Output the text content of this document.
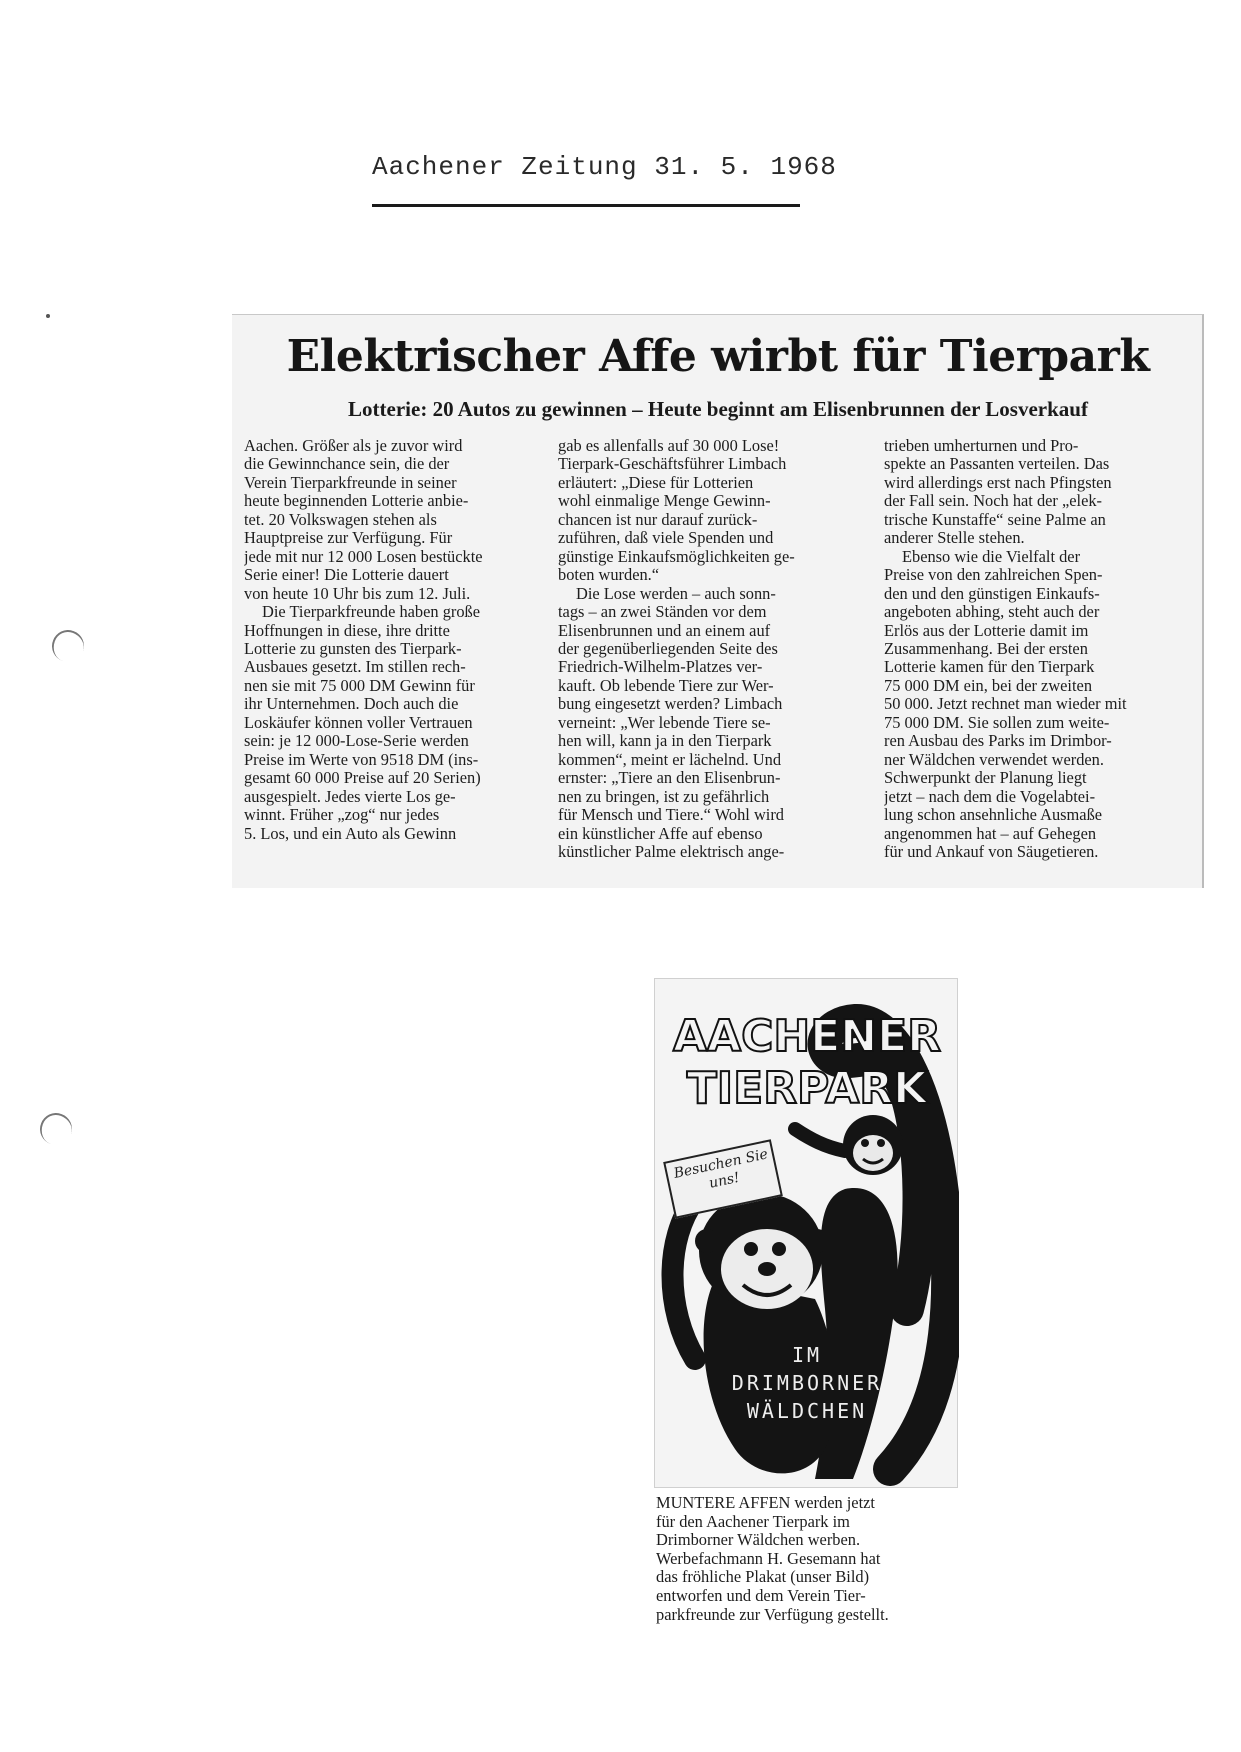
Aachener Zeitung 31. 5. 1968
Elektrischer Affe wirbt für Tierpark
Lotterie: 20 Autos zu gewinnen – Heute beginnt am Elisenbrunnen der Losverkauf
Aachen. Größer als je zuvor wird
die Gewinnchance sein, die der
Verein Tierparkfreunde in seiner
heute beginnenden Lotterie anbie-
tet. 20 Volkswagen stehen als
Hauptpreise zur Verfügung. Für
jede mit nur 12 000 Losen bestückte
Serie einer! Die Lotterie dauert
von heute 10 Uhr bis zum 12. Juli.
Die Tierparkfreunde haben große
Hoffnungen in diese, ihre dritte
Lotterie zu gunsten des Tierpark-
Ausbaues gesetzt. Im stillen rech-
nen sie mit 75 000 DM Gewinn für
ihr Unternehmen. Doch auch die
Loskäufer können voller Vertrauen
sein: je 12 000-Lose-Serie werden
Preise im Werte von 9518 DM (ins-
gesamt 60 000 Preise auf 20 Serien)
ausgespielt. Jedes vierte Los ge-
winnt. Früher „zog“ nur jedes
5. Los, und ein Auto als Gewinn
gab es allenfalls auf 30 000 Lose!
Tierpark-Geschäftsführer Limbach
erläutert: „Diese für Lotterien
wohl einmalige Menge Gewinn-
chancen ist nur darauf zurück-
zuführen, daß viele Spenden und
günstige Einkaufsmöglichkeiten ge-
boten wurden.“
Die Lose werden – auch sonn-
tags – an zwei Ständen vor dem
Elisenbrunnen und an einem auf
der gegenüberliegenden Seite des
Friedrich-Wilhelm-Platzes ver-
kauft. Ob lebende Tiere zur Wer-
bung eingesetzt werden? Limbach
verneint: „Wer lebende Tiere se-
hen will, kann ja in den Tierpark
kommen“, meint er lächelnd. Und
ernster: „Tiere an den Elisenbrun-
nen zu bringen, ist zu gefährlich
für Mensch und Tiere.“ Wohl wird
ein künstlicher Affe auf ebenso
künstlicher Palme elektrisch ange-
trieben umherturnen und Pro-
spekte an Passanten verteilen. Das
wird allerdings erst nach Pfingsten
der Fall sein. Noch hat der „elek-
trische Kunstaffe“ seine Palme an
anderer Stelle stehen.
Ebenso wie die Vielfalt der
Preise von den zahlreichen Spen-
den und den günstigen Einkaufs-
angeboten abhing, steht auch der
Erlös aus der Lotterie damit im
Zusammenhang. Bei der ersten
Lotterie kamen für den Tierpark
75 000 DM ein, bei der zweiten
50 000. Jetzt rechnet man wieder mit
75 000 DM. Sie sollen zum weite-
ren Ausbau des Parks im Drimbor-
ner Wäldchen verwendet werden.
Schwerpunkt der Planung liegt
jetzt – nach dem die Vogelabtei-
lung schon ansehnliche Ausmaße
angenommen hat – auf Gehegen
für und Ankauf von Säugetieren.
AACHENER
TIERPARK
IM
DRIMBORNER
WÄLDCHEN
Besuchen Sie uns!
MUNTERE AFFEN werden jetzt
für den Aachener Tierpark im
Drimborner Wäldchen werben.
Werbefachmann H. Gesemann hat
das fröhliche Plakat (unser Bild)
entworfen und dem Verein Tier-
parkfreunde zur Verfügung gestellt.
